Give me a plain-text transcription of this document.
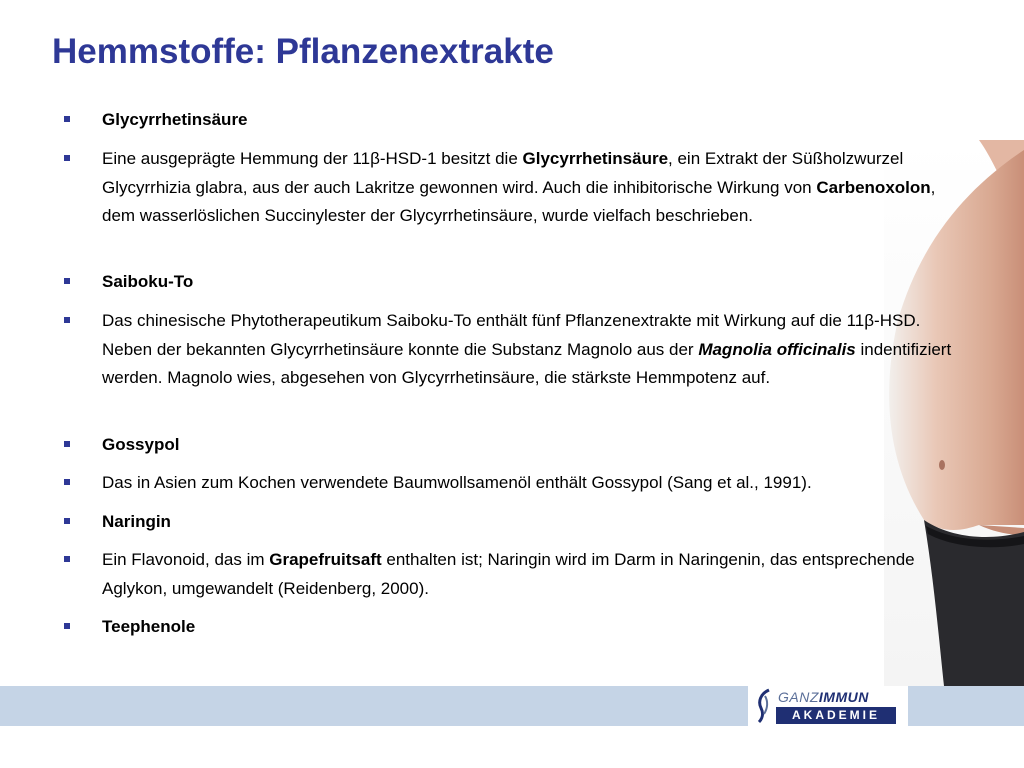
Hemmstoffe: Pflanzenextrakte
Glycyrrhetinsäure
Eine ausgeprägte Hemmung der 11β-HSD-1 besitzt die Glycyrrhetinsäure, ein Extrakt der Süßholzwurzel Glycyrrhizia glabra, aus der auch Lakritze gewonnen wird. Auch die inhibitorische Wirkung von Carbenoxolon, dem wasserlöslichen Succinylester der Glycyrrhetinsäure, wurde vielfach beschrieben.
Saiboku-To
Das chinesische Phytotherapeutikum Saiboku-To enthält fünf Pflanzenextrakte mit Wirkung auf die 11β-HSD. Neben der bekannten Glycyrrhetinsäure konnte die Substanz Magnolo aus der Magnolia officinalis indentifiziert werden. Magnolo wies, abgesehen von Glycyrrhetinsäure, die stärkste Hemmpotenz auf.
Gossypol
Das in Asien zum Kochen verwendete Baumwollsamenöl enthält Gossypol (Sang et al., 1991).
Naringin
Ein Flavonoid, das im Grapefruitsaft enthalten ist; Naringin wird im Darm in Naringenin, das entsprechende Aglykon, umgewandelt (Reidenberg, 2000).
Teephenole
GANZIMMUN
AKADEMIE
